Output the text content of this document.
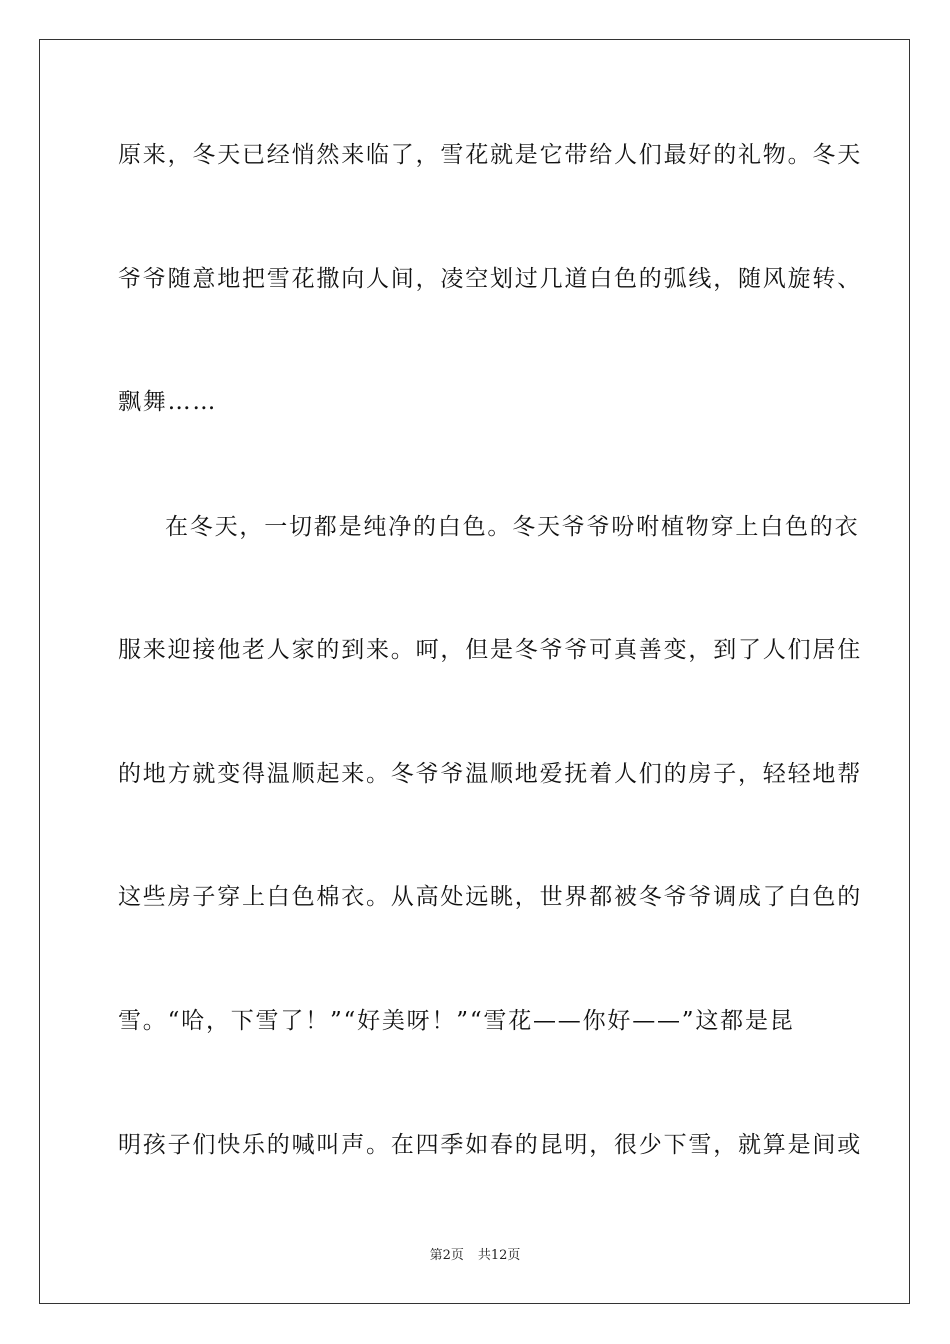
原来，冬天已经悄然来临了，雪花就是它带给人们最好的礼物。冬天
爷爷随意地把雪花撒向人间，凌空划过几道白色的弧线，随风旋转、
飘舞……
在冬天，一切都是纯净的白色。冬天爷爷吩咐植物穿上白色的衣
服来迎接他老人家的到来。呵，但是冬爷爷可真善变，到了人们居住
的地方就变得温顺起来。冬爷爷温顺地爱抚着人们的房子，轻轻地帮
这些房子穿上白色棉衣。从高处远眺，世界都被冬爷爷调成了白色的
雪。“哈，下雪了！”“好美呀！”“雪花——你好——”这都是昆
明孩子们快乐的喊叫声。在四季如春的昆明，很少下雪，就算是间或
第2页 共12页
